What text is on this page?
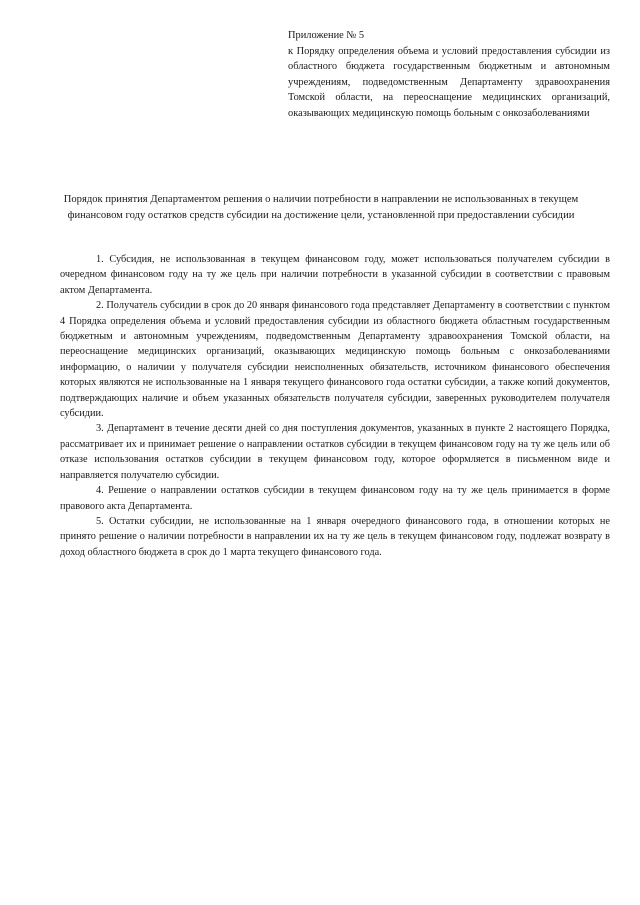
Приложение № 5

к Порядку определения объема и условий предоставления субсидии из областного бюджета государственным бюджетным и автономным учреждениям, подведомственным Департаменту здравоохранения Томской области, на переоснащение медицинских организаций, оказывающих медицинскую помощь больным с онкозаболеваниями

Порядок принятия Департаментом решения о наличии потребности в направлении не использованных в текущем финансовом году остатков средств субсидии на достижение цели, установленной при предоставлении субсидии

1. Субсидия, не использованная в текущем финансовом году, может использоваться получателем субсидии в очередном финансовом году на ту же цель при наличии потребности в указанной субсидии в соответствии с правовым актом Департамента.

2. Получатель субсидии в срок до 20 января финансового года представляет Департаменту в соответствии с пунктом 4 Порядка определения объема и условий предоставления субсидии из областного бюджета областным государственным бюджетным и автономным учреждениям, подведомственным Департаменту здравоохранения Томской области, на переоснащение медицинских организаций, оказывающих медицинскую помощь больным с онкозаболеваниями информацию, о наличии у получателя субсидии неисполненных обязательств, источником финансового обеспечения которых являются не использованные на 1 января текущего финансового года остатки субсидии, а также копий документов, подтверждающих наличие и объем указанных обязательств получателя субсидии, заверенных руководителем получателя субсидии.

3. Департамент в течение десяти дней со дня поступления документов, указанных в пункте 2 настоящего Порядка, рассматривает их и принимает решение о направлении остатков субсидии в текущем финансовом году на ту же цель или об отказе использования остатков субсидии в текущем финансовом году, которое оформляется в письменном виде и направляется получателю субсидии.

4. Решение о направлении остатков субсидии в текущем финансовом году на ту же цель принимается в форме правового акта Департамента.

5. Остатки субсидии, не использованные на 1 января очередного финансового года, в отношении которых не принято решение о наличии потребности в направлении их на ту же цель в текущем финансовом году, подлежат возврату в доход областного бюджета в срок до 1 марта текущего финансового года.
